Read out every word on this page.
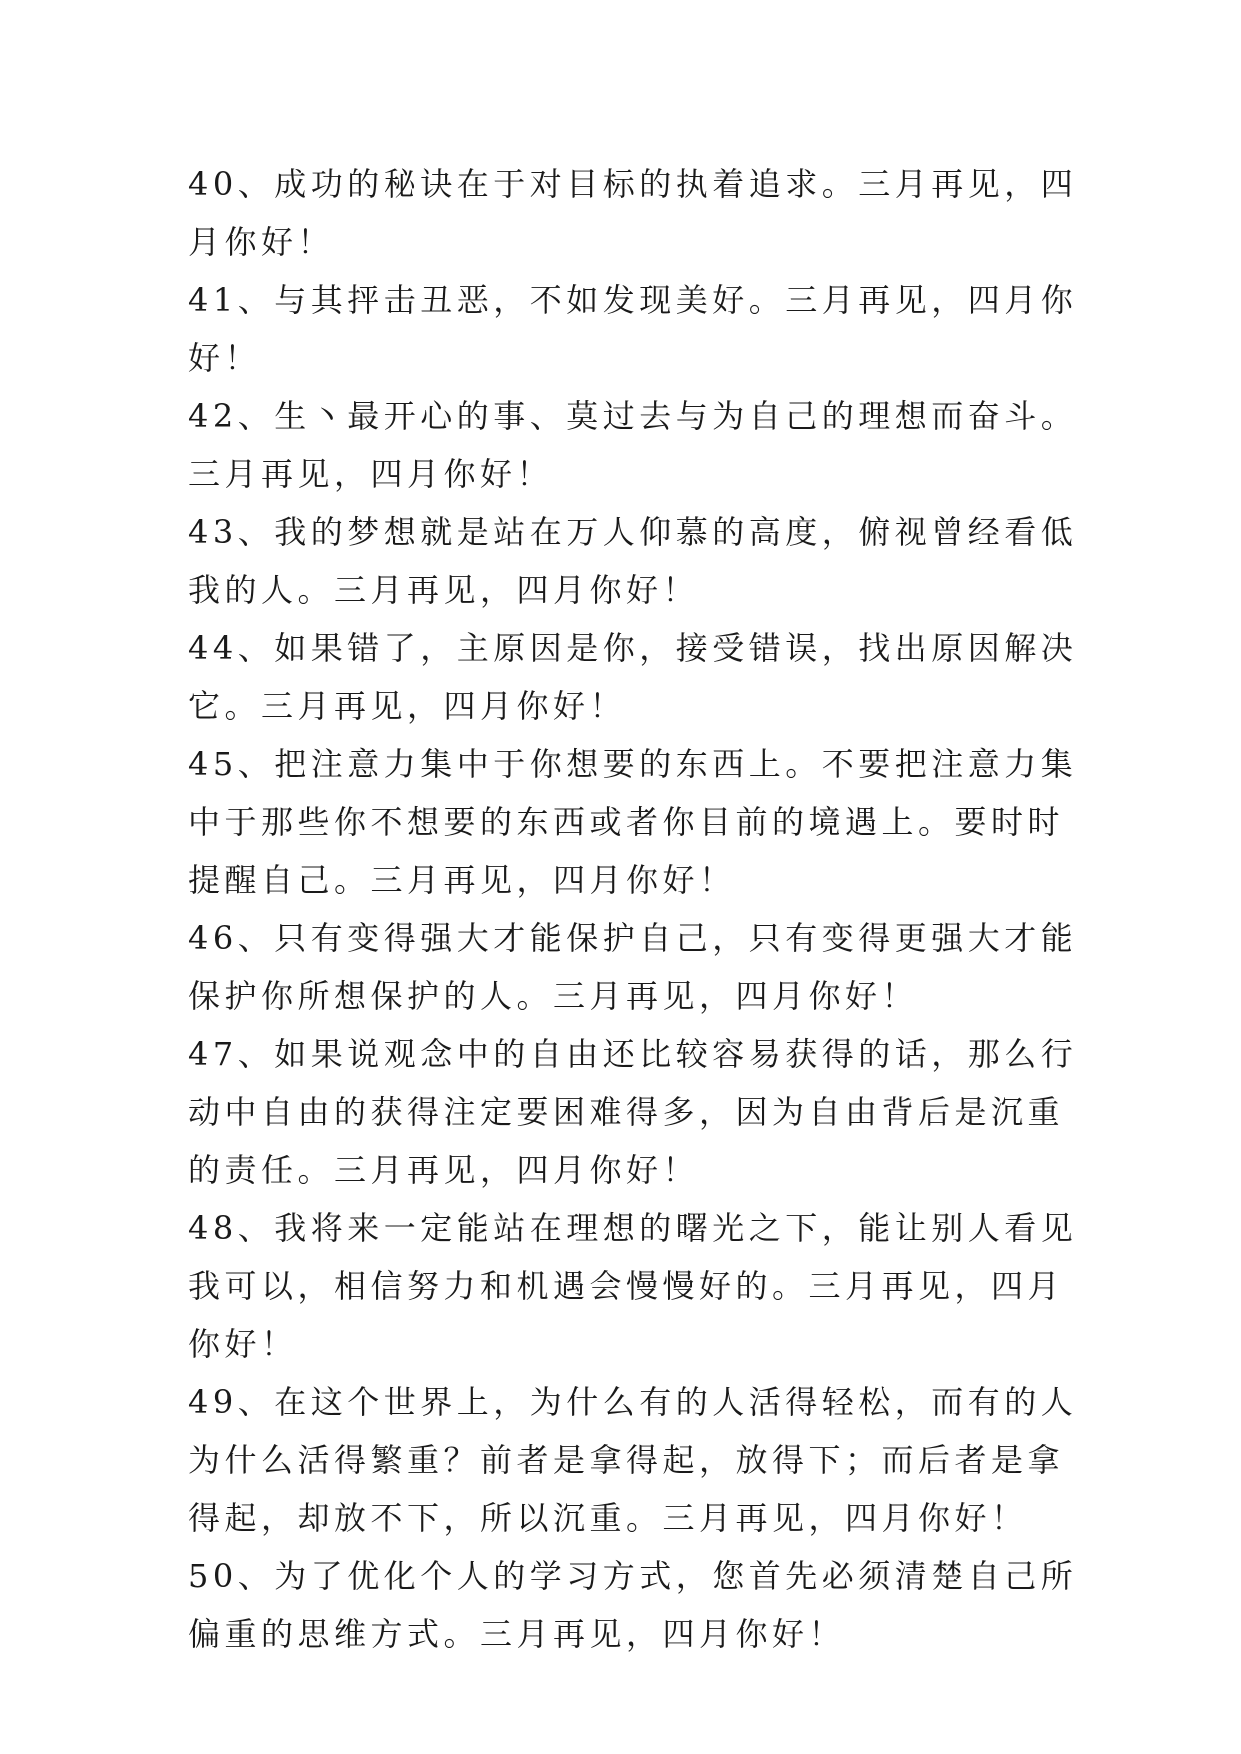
40、成功的秘诀在于对目标的执着追求。三月再见，四月你好！

41、与其抨击丑恶，不如发现美好。三月再见，四月你好！

42、生丶最开心的事、莫过去与为自己的理想而奋斗。三月再见，四月你好！

43、我的梦想就是站在万人仰慕的高度，俯视曾经看低我的人。三月再见，四月你好！

44、如果错了，主原因是你，接受错误，找出原因解决它。三月再见，四月你好！

45、把注意力集中于你想要的东西上。不要把注意力集中于那些你不想要的东西或者你目前的境遇上。要时时提醒自己。三月再见，四月你好！

46、只有变得强大才能保护自己，只有变得更强大才能保护你所想保护的人。三月再见，四月你好！

47、如果说观念中的自由还比较容易获得的话，那么行动中自由的获得注定要困难得多，因为自由背后是沉重的责任。三月再见，四月你好！

48、我将来一定能站在理想的曙光之下，能让别人看见我可以，相信努力和机遇会慢慢好的。三月再见，四月你好！

49、在这个世界上，为什么有的人活得轻松，而有的人为什么活得繁重？前者是拿得起，放得下；而后者是拿得起，却放不下，所以沉重。三月再见，四月你好！

50、为了优化个人的学习方式，您首先必须清楚自己所偏重的思维方式。三月再见，四月你好！
